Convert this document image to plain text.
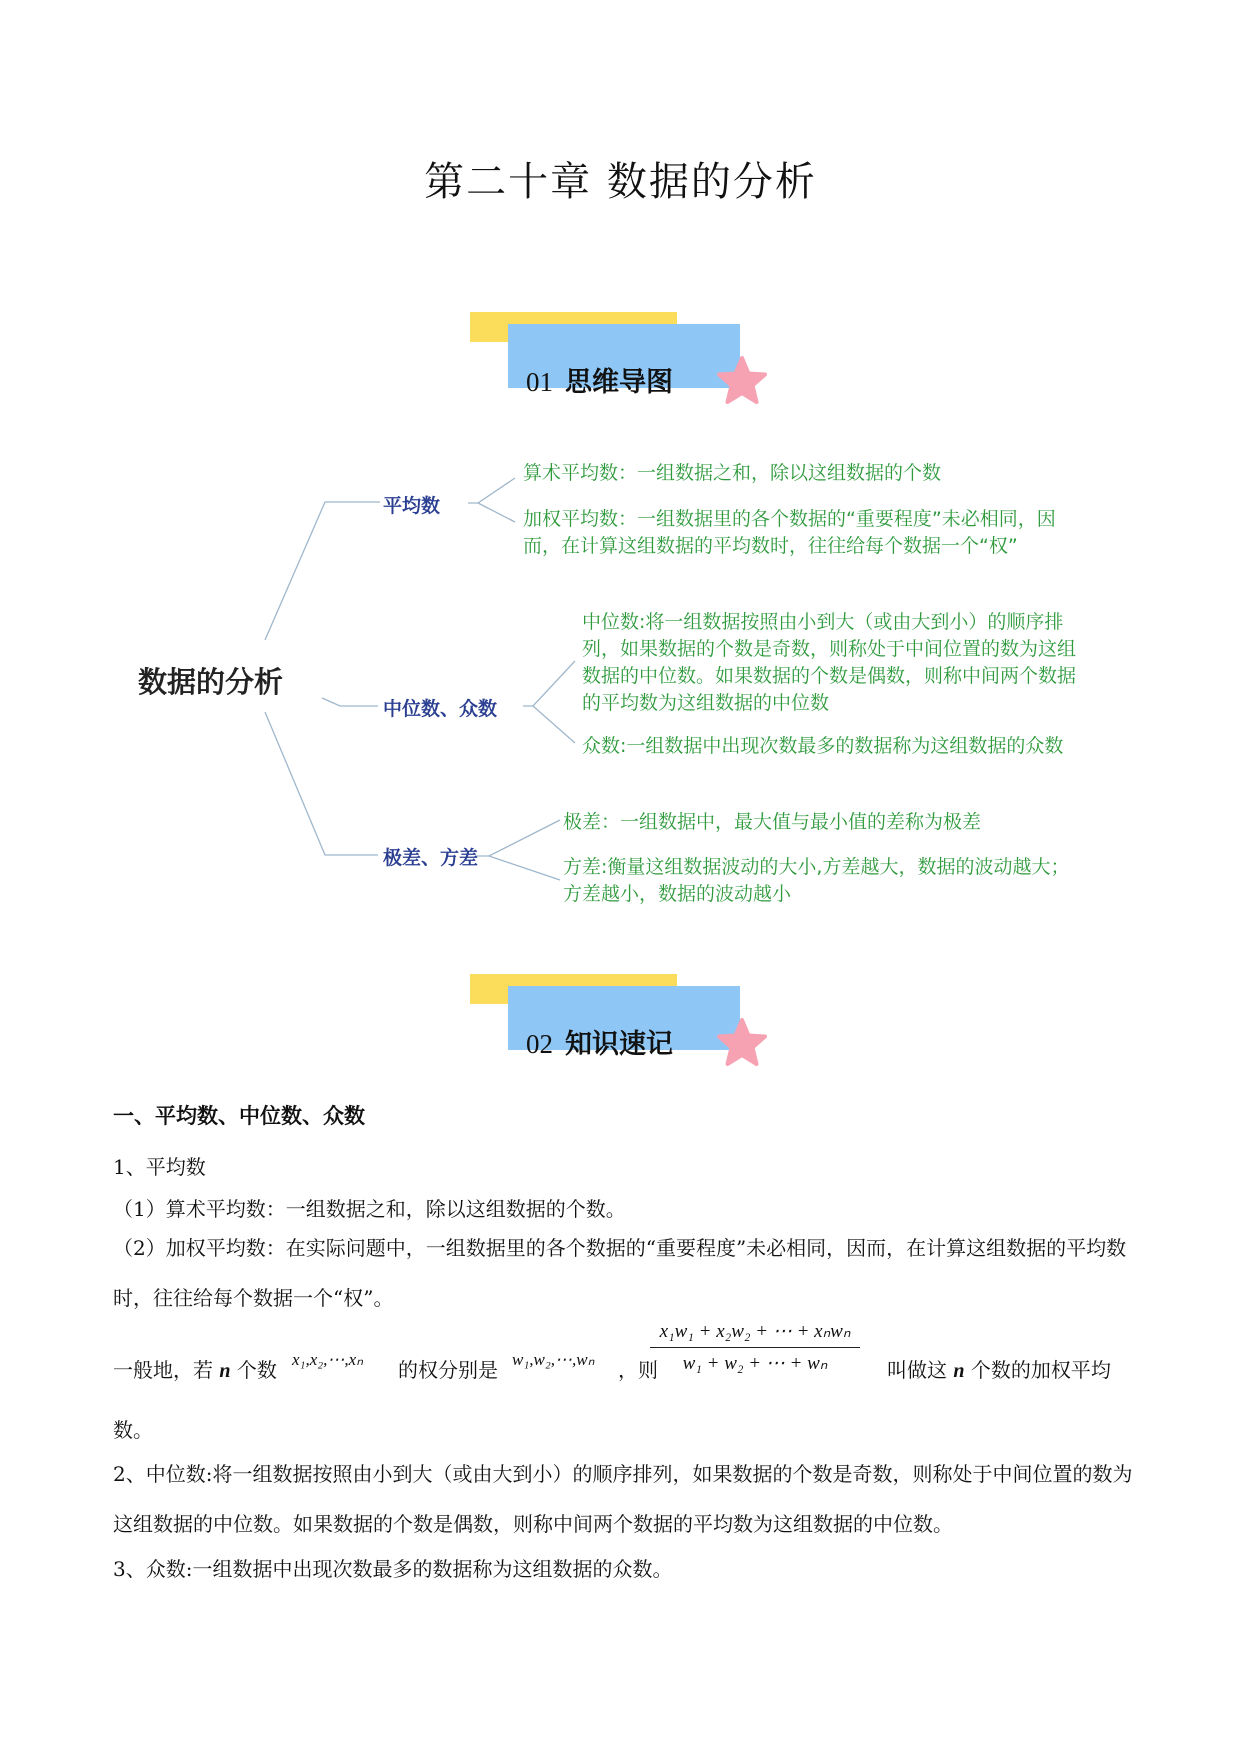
第二十章 数据的分析
01 思维导图
数据的分析
平均数
算术平均数：一组数据之和，除以这组数据的个数
加权平均数：一组数据里的各个数据的“重要程度”未必相同，因而，在计算这组数据的平均数时，往往给每个数据一个“权”
中位数、众数
中位数:将一组数据按照由小到大（或由大到小）的顺序排列，如果数据的个数是奇数，则称处于中间位置的数为这组数据的中位数。如果数据的个数是偶数，则称中间两个数据的平均数为这组数据的中位数
众数:一组数据中出现次数最多的数据称为这组数据的众数
极差、方差
极差：一组数据中，最大值与最小值的差称为极差
方差:衡量这组数据波动的大小,方差越大，数据的波动越大；方差越小，数据的波动越小
02 知识速记
一、平均数、中位数、众数
1、平均数
（1）算术平均数：一组数据之和，除以这组数据的个数。
（2）加权平均数：在实际问题中，一组数据里的各个数据的“重要程度”未必相同，因而，在计算这组数据的平均数时，往往给每个数据一个“权”。
一般地，若 n 个数 x₁,x₂,⋯,xₙ 的权分别是 w₁,w₂,⋯,wₙ ，则
x₁w₁ + x₂w₂ + ⋯ + xₙwₙ
w₁ + w₂ + ⋯ + wₙ	叫做这 n 个数的加权平均
数。
2、中位数:将一组数据按照由小到大（或由大到小）的顺序排列，如果数据的个数是奇数，则称处于中间位置的数为这组数据的中位数。如果数据的个数是偶数，则称中间两个数据的平均数为这组数据的中位数。
3、众数:一组数据中出现次数最多的数据称为这组数据的众数。
